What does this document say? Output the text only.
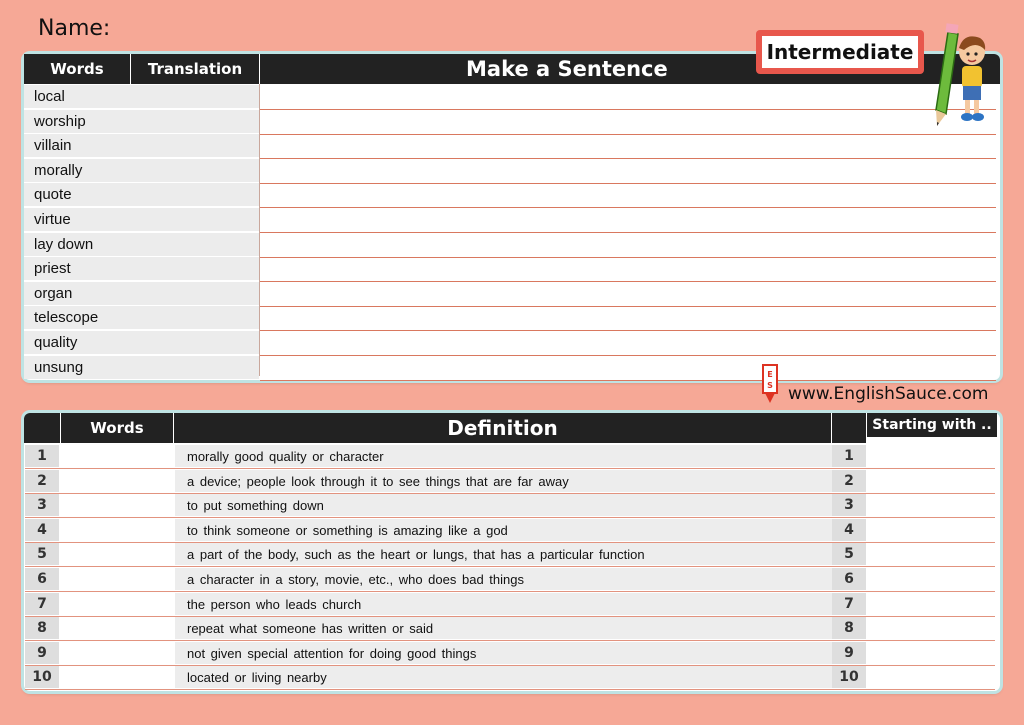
Name:
Words	Translation	Make a Sentence
local
worship
villain
morally
quote
virtue
lay down
priest
organ
telescope
quality
unsung
Intermediate
E
S www.EnglishSauce.com
Words	Definition	Starting with ..
1	morally good quality or character	1
2	a device; people look through it to see things that are far away	2
3	to put something down	3
4	to think someone or something is amazing like a god	4
5	a part of the body, such as the heart or lungs, that has a particular function	5
6	a character in a story, movie, etc., who does bad things	6
7	the person who leads church	7
8	repeat what someone has written or said	8
9	not given special attention for doing good things	9
10	located or living nearby	10
